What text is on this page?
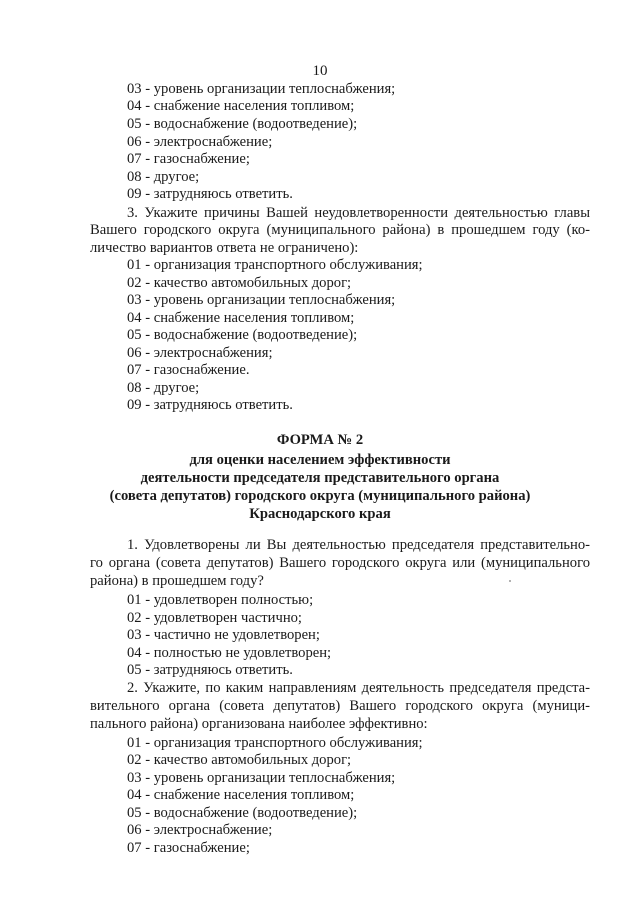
10
03 - уровень организации теплоснабжения;
04 - снабжение населения топливом;
05 - водоснабжение (водоотведение);
06 - электроснабжение;
07 - газоснабжение;
08 - другое;
09 - затрудняюсь ответить.
3. Укажите причины Вашей неудовлетворенности деятельностью главы
Вашего городского округа (муниципального района) в прошедшем году (ко-
личество вариантов ответа не ограничено):
01 - организация транспортного обслуживания;
02 - качество автомобильных дорог;
03 - уровень организации теплоснабжения;
04 - снабжение населения топливом;
05 - водоснабжение (водоотведение);
06 - электроснабжения;
07 - газоснабжение.
08 - другое;
09 - затрудняюсь ответить.
ФОРМА № 2
для оценки населением эффективности
деятельности председателя представительного органа
(совета депутатов) городского округа (муниципального района)
Краснодарского края
1. Удовлетворены ли Вы деятельностью председателя представительно-
го органа (совета депутатов) Вашего городского округа или (муниципального
района) в прошедшем году?
01 - удовлетворен полностью;
02 - удовлетворен частично;
03 - частично не удовлетворен;
04 - полностью не удовлетворен;
05 - затрудняюсь ответить.
2. Укажите, по каким направлениям деятельность председателя предста-
вительного органа (совета депутатов) Вашего городского округа (муници-
пального района) организована наиболее эффективно:
01 - организация транспортного обслуживания;
02 - качество автомобильных дорог;
03 - уровень организации теплоснабжения;
04 - снабжение населения топливом;
05 - водоснабжение (водоотведение);
06 - электроснабжение;
07 - газоснабжение;
